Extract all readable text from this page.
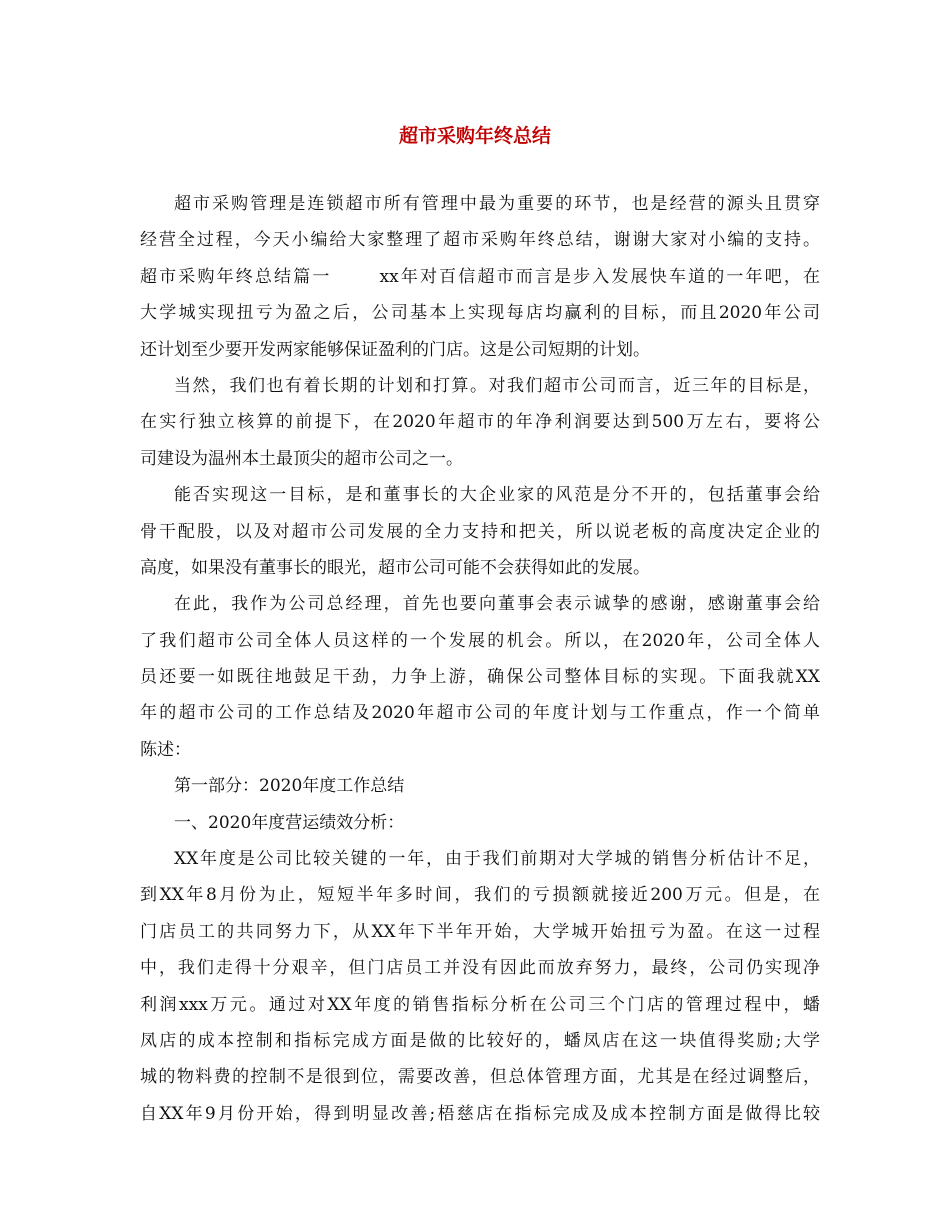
超市采购年终总结
超市采购管理是连锁超市所有管理中最为重要的环节，也是经营的源头且贯穿
经营全过程，今天小编给大家整理了超市采购年终总结，谢谢大家对小编的支持。
超市采购年终总结篇一	xx年对百信超市而言是步入发展快车道的一年吧，在
大学城实现扭亏为盈之后，公司基本上实现每店均赢利的目标，而且2020年公司
还计划至少要开发两家能够保证盈利的门店。这是公司短期的计划。
当然，我们也有着长期的计划和打算。对我们超市公司而言，近三年的目标是，
在实行独立核算的前提下，在2020年超市的年净利润要达到500万左右，要将公
司建设为温州本土最顶尖的超市公司之一。
能否实现这一目标，是和董事长的大企业家的风范是分不开的，包括董事会给
骨干配股，以及对超市公司发展的全力支持和把关，所以说老板的高度决定企业的
高度，如果没有董事长的眼光，超市公司可能不会获得如此的发展。
在此，我作为公司总经理，首先也要向董事会表示诚挚的感谢，感谢董事会给
了我们超市公司全体人员这样的一个发展的机会。所以，在2020年，公司全体人
员还要一如既往地鼓足干劲，力争上游，确保公司整体目标的实现。下面我就XX
年的超市公司的工作总结及2020年超市公司的年度计划与工作重点，作一个简单
陈述：
第一部分：2020年度工作总结
一、2020年度营运绩效分析：
XX年度是公司比较关键的一年，由于我们前期对大学城的销售分析估计不足，
到XX年8月份为止，短短半年多时间，我们的亏损额就接近200万元。但是，在
门店员工的共同努力下，从XX年下半年开始，大学城开始扭亏为盈。在这一过程
中，我们走得十分艰辛，但门店员工并没有因此而放弃努力，最终，公司仍实现净
利润xxx万元。通过对XX年度的销售指标分析在公司三个门店的管理过程中，蟠
凤店的成本控制和指标完成方面是做的比较好的，蟠凤店在这一块值得奖励;大学
城的物料费的控制不是很到位，需要改善，但总体管理方面，尤其是在经过调整后，
自XX年9月份开始，得到明显改善;梧慈店在指标完成及成本控制方面是做得比较
